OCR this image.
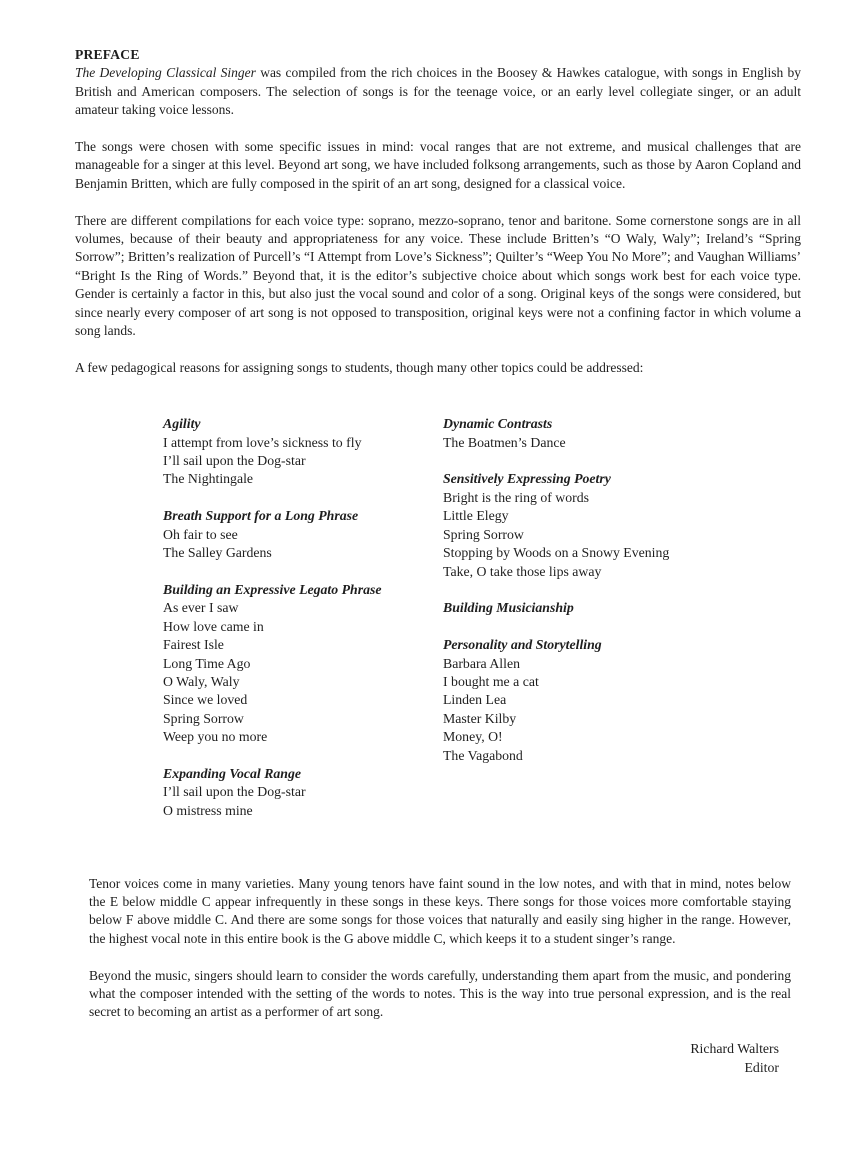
PREFACE

The Developing Classical Singer was compiled from the rich choices in the Boosey & Hawkes catalogue, with songs in English by British and American composers. The selection of songs is for the teenage voice, or an early level collegiate singer, or an adult amateur taking voice lessons.

The songs were chosen with some specific issues in mind: vocal ranges that are not extreme, and musical challenges that are manageable for a singer at this level. Beyond art song, we have included folksong arrangements, such as those by Aaron Copland and Benjamin Britten, which are fully composed in the spirit of an art song, designed for a classical voice.

There are different compilations for each voice type: soprano, mezzo-soprano, tenor and baritone. Some cornerstone songs are in all volumes, because of their beauty and appropriateness for any voice. These include Britten’s “O Waly, Waly”; Ireland’s “Spring Sorrow”; Britten’s realization of Purcell’s “I Attempt from Love’s Sickness”; Quilter’s “Weep You No More”; and Vaughan Williams’ “Bright Is the Ring of Words.” Beyond that, it is the editor’s subjective choice about which songs work best for each voice type. Gender is certainly a factor in this, but also just the vocal sound and color of a song. Original keys of the songs were considered, but since nearly every composer of art song is not opposed to transposition, original keys were not a confining factor in which volume a song lands.

A few pedagogical reasons for assigning songs to students, though many other topics could be addressed:

Agility
I attempt from love’s sickness to fly
I’ll sail upon the Dog-star
The Nightingale
Breath Support for a Long Phrase
Oh fair to see
The Salley Gardens
Building an Expressive Legato Phrase
As ever I saw
How love came in
Fairest Isle
Long Time Ago
O Waly, Waly
Since we loved
Spring Sorrow
Weep you no more
Expanding Vocal Range
I’ll sail upon the Dog-star
O mistress mine
Dynamic Contrasts
The Boatmen’s Dance
Sensitively Expressing Poetry
Bright is the ring of words
Little Elegy
Spring Sorrow
Stopping by Woods on a Snowy Evening
Take, O take those lips away
Building Musicianship
Personality and Storytelling
Barbara Allen
I bought me a cat
Linden Lea
Master Kilby
Money, O!
The Vagabond

Tenor voices come in many varieties. Many young tenors have faint sound in the low notes, and with that in mind, notes below the E below middle C appear infrequently in these songs in these keys. There songs for those voices more comfortable staying below F above middle C. And there are some songs for those voices that naturally and easily sing higher in the range. However, the highest vocal note in this entire book is the G above middle C, which keeps it to a student singer’s range.

Beyond the music, singers should learn to consider the words carefully, understanding them apart from the music, and pondering what the composer intended with the setting of the words to notes. This is the way into true personal expression, and is the real secret to becoming an artist as a performer of art song.

Richard Walters
Editor
